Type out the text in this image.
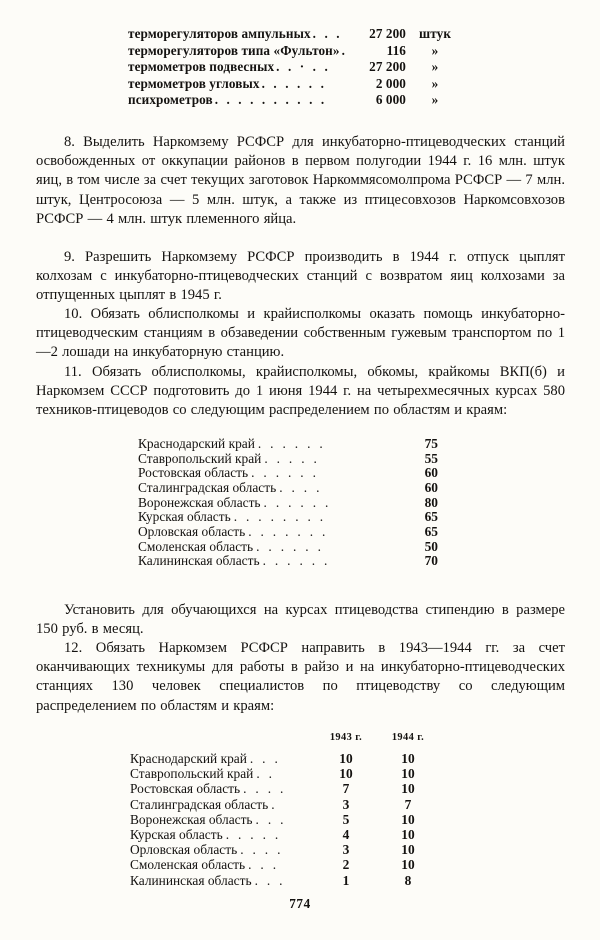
терморегуляторов ампульных . . .	27 200 штук
терморегуляторов типа «Фультон» .	116	»
термометров подвесных . . · . .	27 200	»
термометров угловых . . . . . .	2 000	»
психрометров . . . . . . . . . .	6 000	»

8. Выделить Наркомзему РСФСР для инкубаторно-птицеводческих станций освобожденных от оккупации районов в первом полугодии 1944 г. 16 млн. штук яиц, в том числе за счет текущих заготовок Наркоммясомолпрома РСФСР — 7 млн. штук, Центросоюза — 5 млн. штук, а также из птицесовхозов Наркомсовхозов РСФСР — 4 млн. штук племенного яйца.

9. Разрешить Наркомзему РСФСР производить в 1944 г. отпуск цыплят колхозам с инкубаторно-птицеводческих станций с возвратом яиц колхозами за отпущенных цыплят в 1945 г.

10. Обязать облисполкомы и крайисполкомы оказать помощь инкубаторно-птицеводческим станциям в обзаведении собственным гужевым транспортом по 1—2 лошади на инкубаторную станцию.

11. Обязать облисполкомы, крайисполкомы, обкомы, крайкомы ВКП(б) и Наркомзем СССР подготовить до 1 июня 1944 г. на четырехмесячных курсах 580 техников-птицеводов со следующим распределением по областям и краям:

Краснодарский край . . . . . .	75
Ставропольский край . . . . .	55
Ростовская область . . . . . .	60
Сталинградская область . . . .	60
Воронежская область . . . . . .	80
Курская область . . . . . . . .	65
Орловская область . . . . . . .	65
Смоленская область . . . . . .	50
Калининская область . . . . . .	70

Установить для обучающихся на курсах птицеводства стипендию в размере 150 руб. в месяц.

12. Обязать Наркомзем РСФСР направить в 1943—1944 гг. за счет оканчивающих техникумы для работы в райзо и на инкубаторно-птицеводческих станциях 130 человек специалистов по птицеводству со следующим распределением по областям и краям:

1943 г.	1944 г.
Краснодарский край . . .	10	10
Ставропольский край . .	10	10
Ростовская область . . . .	7	10
Сталинградская область .	3	7
Воронежская область . . .	5	10
Курская область . . . . .	4	10
Орловская область . . . .	3	10
Смоленская область . . .	2	10
Калининская область . . .	1	8
774
